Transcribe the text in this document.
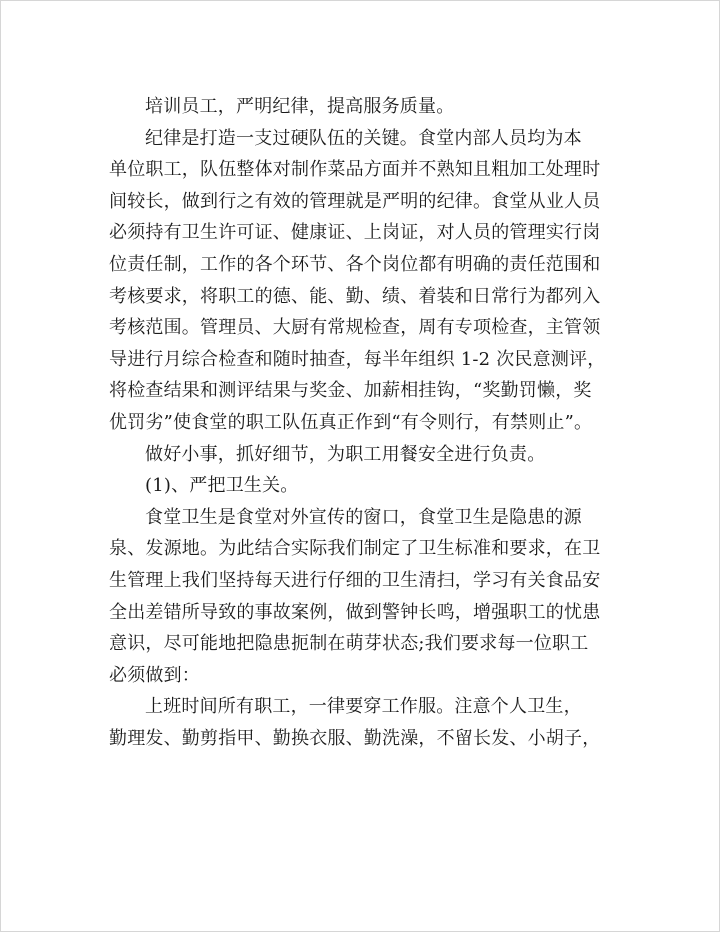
培训员工，严明纪律，提高服务质量。

纪律是打造一支过硬队伍的关键。食堂内部人员均为本

单位职工，队伍整体对制作菜品方面并不熟知且粗加工处理时

间较长，做到行之有效的管理就是严明的纪律。食堂从业人员

必须持有卫生许可证、健康证、上岗证，对人员的管理实行岗

位责任制，工作的各个环节、各个岗位都有明确的责任范围和

考核要求，将职工的德、能、勤、绩、着装和日常行为都列入

考核范围。管理员、大厨有常规检查，周有专项检查，主管领

导进行月综合检查和随时抽查，每半年组织 1-2 次民意测评，

将检查结果和测评结果与奖金、加薪相挂钩，“奖勤罚懒，奖

优罚劣”使食堂的职工队伍真正作到“有令则行，有禁则止”。

做好小事，抓好细节，为职工用餐安全进行负责。

(1)、严把卫生关。

食堂卫生是食堂对外宣传的窗口，食堂卫生是隐患的源

泉、发源地。为此结合实际我们制定了卫生标准和要求，在卫

生管理上我们坚持每天进行仔细的卫生清扫，学习有关食品安

全出差错所导致的事故案例，做到警钟长鸣，增强职工的忧患

意识，尽可能地把隐患扼制在萌芽状态;我们要求每一位职工

必须做到：

上班时间所有职工，一律要穿工作服。注意个人卫生，

勤理发、勤剪指甲、勤换衣服、勤洗澡，不留长发、小胡子，
